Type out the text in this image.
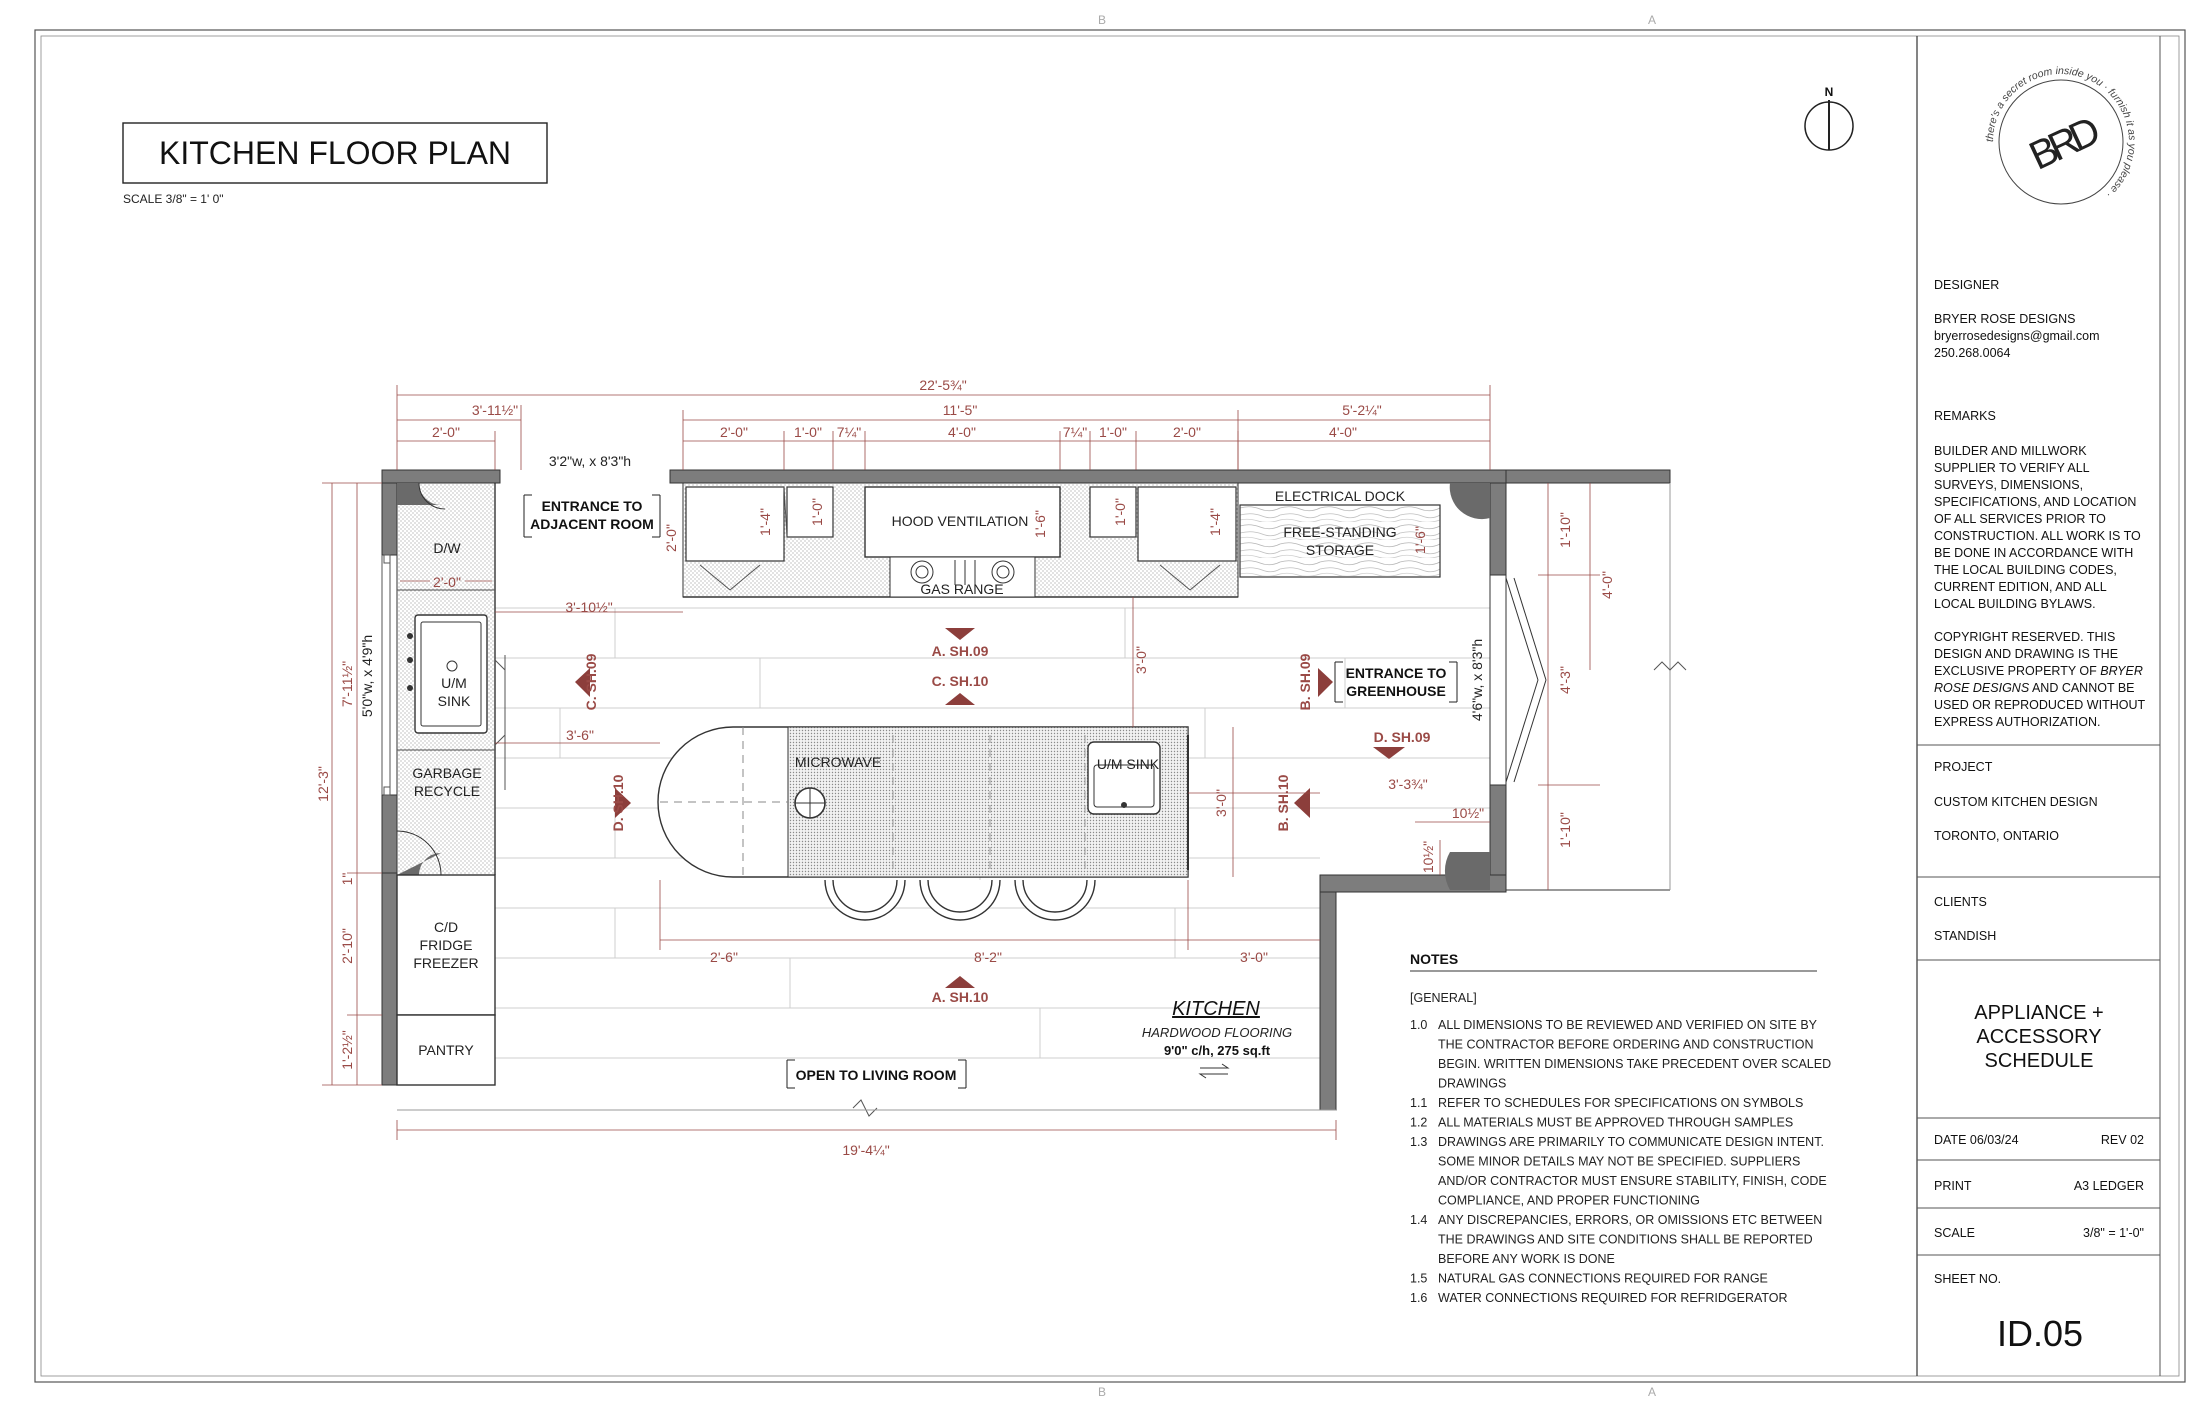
B	A
B	A
KITCHEN FLOOR PLAN
SCALE 3/8" = 1' 0"
N
D/W
2'-0"
U/M
SINK
GARBAGE
RECYCLE
C/D
FRIDGE
FREEZER
PANTRY
HOOD VENTILATION
GAS RANGE
ELECTRICAL DOCK
FREE-STANDING
STORAGE
MICROWAVE	U/M SINK
A. SH.09
C. SH.10
C. SH.09	B. SH.09
D. SH.10	B. SH.10
D. SH.09
A. SH.10
ENTRANCE TO
ADJACENT ROOM
3'2"w, x 8'3"h
ENTRANCE TO
GREENHOUSE 4'6"w, x 8'3"h
5'0"w, x 4'9"h
OPEN TO LIVING ROOM
KITCHEN
HARDWOOD FLOORING
9'0" c/h, 275 sq.ft
22'-5¾"
3'-11½"	11'-5"	5'-2¼"
2'-0"	2'-0"	1'-0" 7¼"	4'-0"	7¼" 1'-0"	2'-0"	4'-0"
3'-10½"
2'-0"
1'-4"	1'-0"	1'-6"	1'-0"	1'-4"
1'-6"
3'-0"
3'-6"
3'-0"
3'-3¾"
10½"
10½"
1'-10"
4'-3"
1'-10"
4'-0"
2'-6"	8'-2"	3'-0"
19'-4¼"
12'-3"
7'-11½"
1"
2'-10"
1'-2½"
NOTES
[GENERAL]
1.0 ALL DIMENSIONS TO BE REVIEWED AND VERIFIED ON SITE BY
THE CONTRACTOR BEFORE ORDERING AND CONSTRUCTION
BEGIN. WRITTEN DIMENSIONS TAKE PRECEDENT OVER SCALED
DRAWINGS
1.1 REFER TO SCHEDULES FOR SPECIFICATIONS ON SYMBOLS
1.2 ALL MATERIALS MUST BE APPROVED THROUGH SAMPLES
1.3 DRAWINGS ARE PRIMARILY TO COMMUNICATE DESIGN INTENT.
SOME MINOR DETAILS MAY NOT BE SPECIFIED. SUPPLIERS
AND/OR CONTRACTOR MUST ENSURE STABILITY, FINISH, CODE
COMPLIANCE, AND PROPER FUNCTIONING
1.4 ANY DISCREPANCIES, ERRORS, OR OMISSIONS ETC BETWEEN
THE DRAWINGS AND SITE CONDITIONS SHALL BE REPORTED
BEFORE ANY WORK IS DONE
1.5 NATURAL GAS CONNECTIONS REQUIRED FOR RANGE
1.6 WATER CONNECTIONS REQUIRED FOR REFRIDGERATOR
there's a secret room inside you · furnish it as you please ·
BRD
DESIGNER
BRYER ROSE DESIGNS
bryerrosedesigns@gmail.com
250.268.0064
REMARKS
BUILDER AND MILLWORK
SUPPLIER TO VERIFY ALL
SURVEYS, DIMENSIONS,
SPECIFICATIONS, AND LOCATION
OF ALL SERVICES PRIOR TO
CONSTRUCTION. ALL WORK IS TO
BE DONE IN ACCORDANCE WITH
THE LOCAL BUILDING CODES,
CURRENT EDITION, AND ALL
LOCAL BUILDING BYLAWS.
COPYRIGHT RESERVED. THIS
DESIGN AND DRAWING IS THE
EXCLUSIVE PROPERTY OF BRYER
ROSE DESIGNS AND CANNOT BE
USED OR REPRODUCED WITHOUT
EXPRESS AUTHORIZATION.
PROJECT
CUSTOM KITCHEN DESIGN
TORONTO, ONTARIO
CLIENTS
STANDISH
APPLIANCE +
ACCESSORY
SCHEDULE
DATE 06/03/24	REV 02
PRINT	A3 LEDGER
SCALE	3/8" = 1'-0"
SHEET NO.
ID.05
